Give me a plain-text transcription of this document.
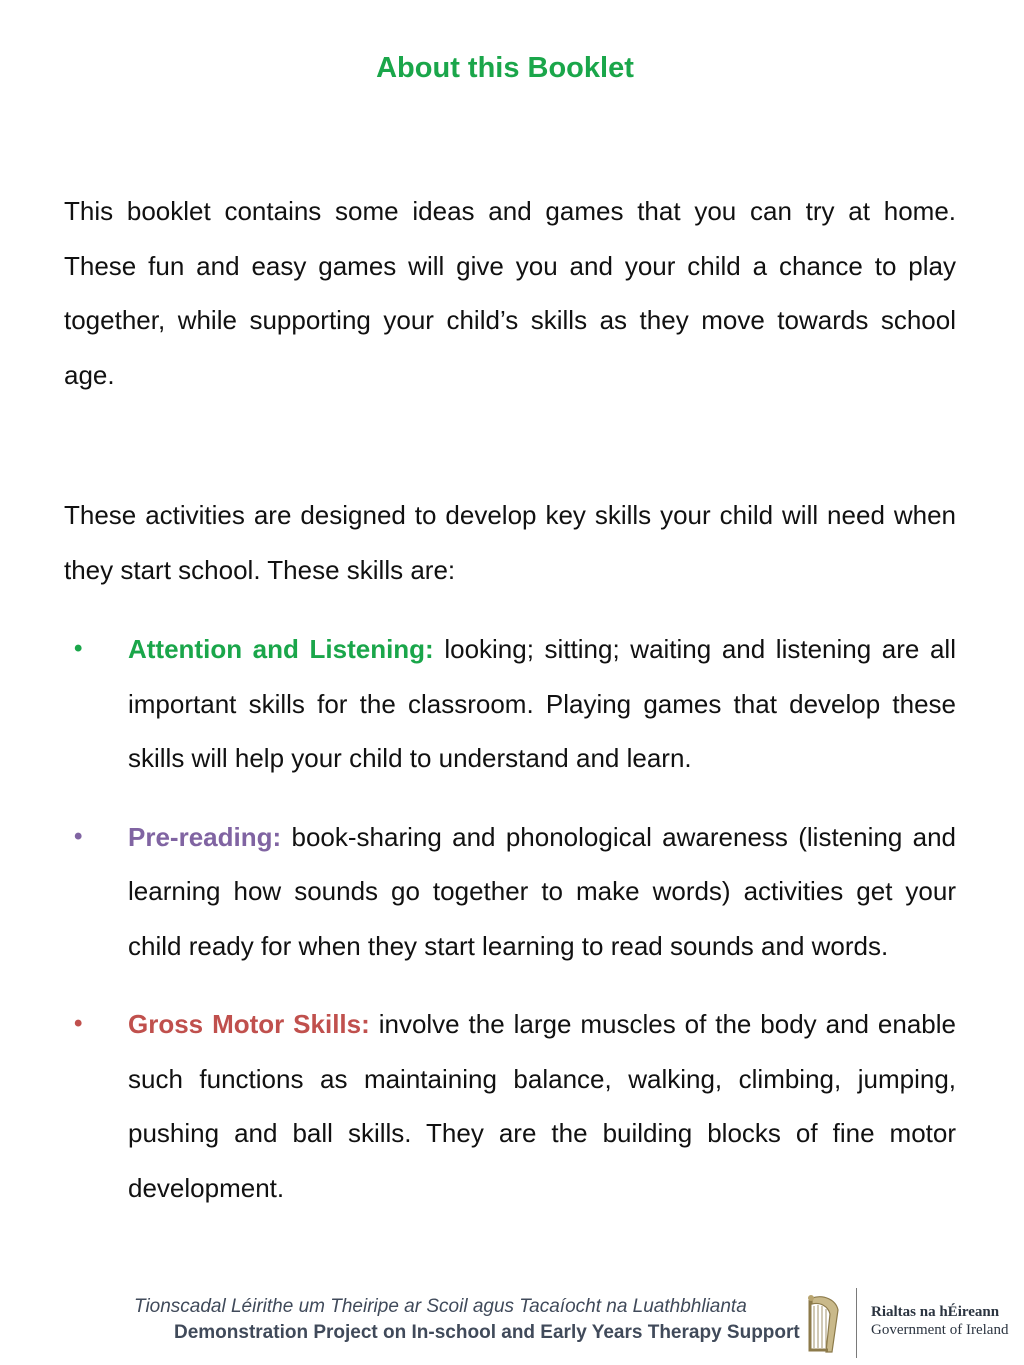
About this Booklet

This booklet contains some ideas and games that you can try at home. These fun and easy games will give you and your child a chance to play together, while supporting your child’s skills as they move towards school age.

These activities are designed to develop key skills your child will need when they start school. These skills are:

• Attention and Listening: looking; sitting; waiting and listening are all important skills for the classroom. Playing games that develop these skills will help your child to understand and learn.
• Pre-reading: book-sharing and phonological awareness (listening and learning how sounds go together to make words) activities get your child ready for when they start learning to read sounds and words.
• Gross Motor Skills: involve the large muscles of the body and enable such functions as maintaining balance, walking, climbing, jumping, pushing and ball skills. They are the building blocks of fine motor development.
Tionscadal Léirithe um Theiripe ar Scoil agus Tacaíocht na Luathbhlianta
Demonstration Project on In-school and Early Years Therapy Support
Rialtas na hÉireann
Government of Ireland
